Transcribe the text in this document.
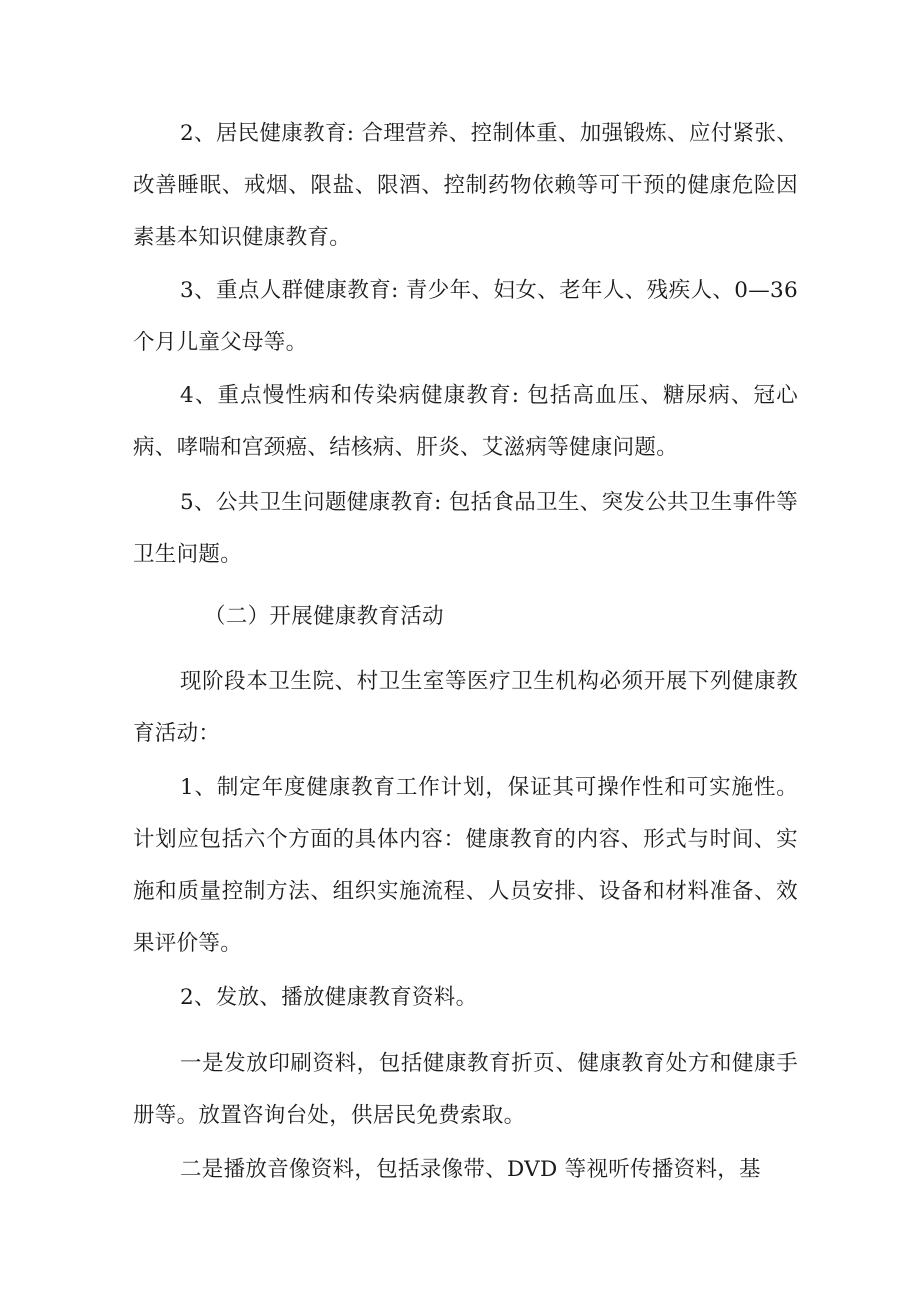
2、居民健康教育: 合理营养、控制体重、加强锻炼、应付紧张、改善睡眠、戒烟、限盐、限酒、控制药物依赖等可干预的健康危险因素基本知识健康教育。

3、重点人群健康教育: 青少年、妇女、老年人、残疾人、0—36 个月儿童父母等。

4、重点慢性病和传染病健康教育: 包括高血压、糖尿病、冠心病、哮喘和宫颈癌、结核病、肝炎、艾滋病等健康问题。

5、公共卫生问题健康教育: 包括食品卫生、突发公共卫生事件等卫生问题。

（二）开展健康教育活动

现阶段本卫生院、村卫生室等医疗卫生机构必须开展下列健康教育活动：

1、制定年度健康教育工作计划，保证其可操作性和可实施性。计划应包括六个方面的具体内容：健康教育的内容、形式与时间、实施和质量控制方法、组织实施流程、人员安排、设备和材料准备、效果评价等。

2、发放、播放健康教育资料。

一是发放印刷资料，包括健康教育折页、健康教育处方和健康手册等。放置咨询台处，供居民免费索取。

二是播放音像资料，包括录像带、DVD 等视听传播资料，基
